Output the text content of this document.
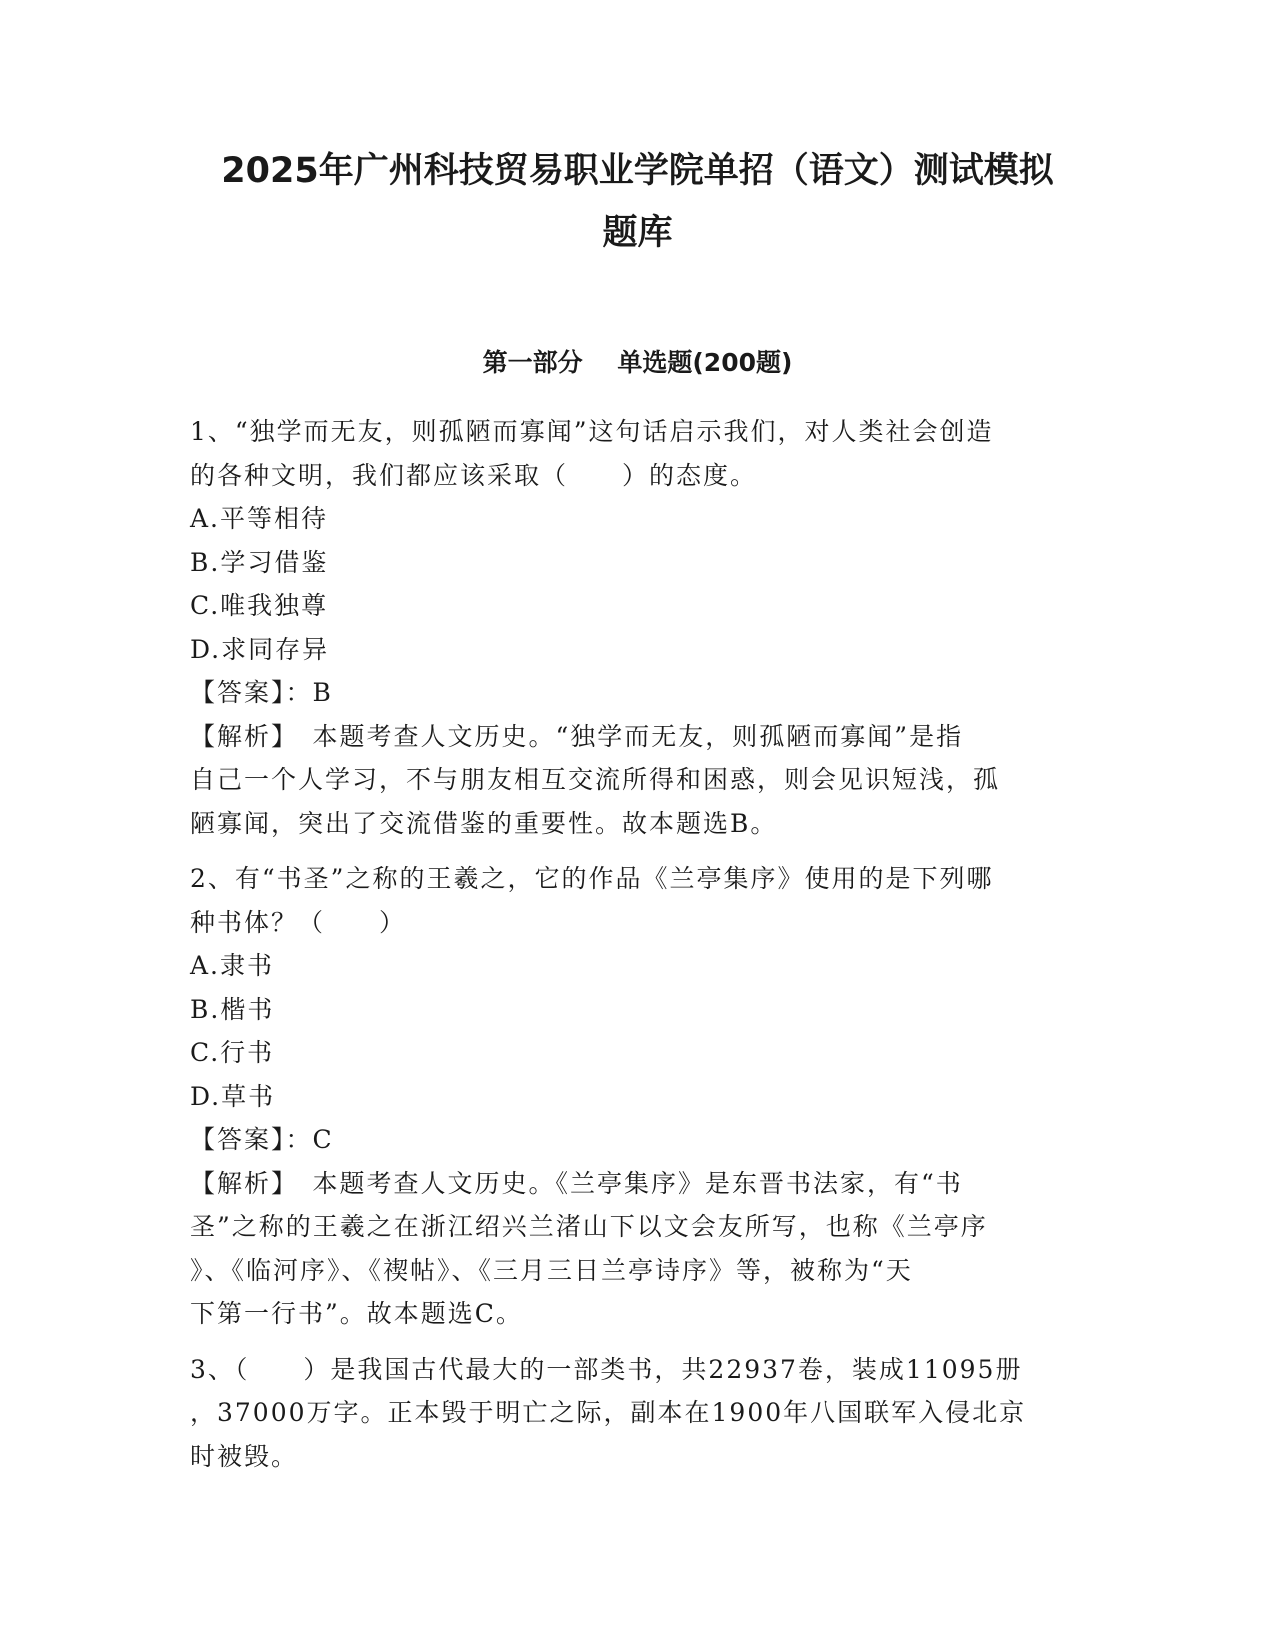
2025年广州科技贸易职业学院单招（语文）测试模拟
题库
第一部分    单选题(200题)

1、“独学而无友，则孤陋而寡闻”这句话启示我们，对人类社会创造

的各种文明，我们都应该采取（　　）的态度。

A.平等相待

B.学习借鉴

C.唯我独尊

D.求同存异

【答案】：B

【解析】　本题考查人文历史。“独学而无友，则孤陋而寡闻”是指

自己一个人学习，不与朋友相互交流所得和困惑，则会见识短浅，孤

陋寡闻，突出了交流借鉴的重要性。故本题选B。

2、有“书圣”之称的王羲之，它的作品《兰亭集序》使用的是下列哪

种书体？（　　）

A.隶书

B.楷书

C.行书

D.草书

【答案】：C

【解析】　本题考查人文历史。《兰亭集序》是东晋书法家，有“书

圣”之称的王羲之在浙江绍兴兰渚山下以文会友所写，也称《兰亭序

》、《临河序》、《禊帖》、《三月三日兰亭诗序》等，被称为“天

下第一行书”。故本题选C。

3、（　　）是我国古代最大的一部类书，共22937卷，装成11095册

，37000万字。正本毁于明亡之际，副本在1900年八国联军入侵北京

时被毁。
